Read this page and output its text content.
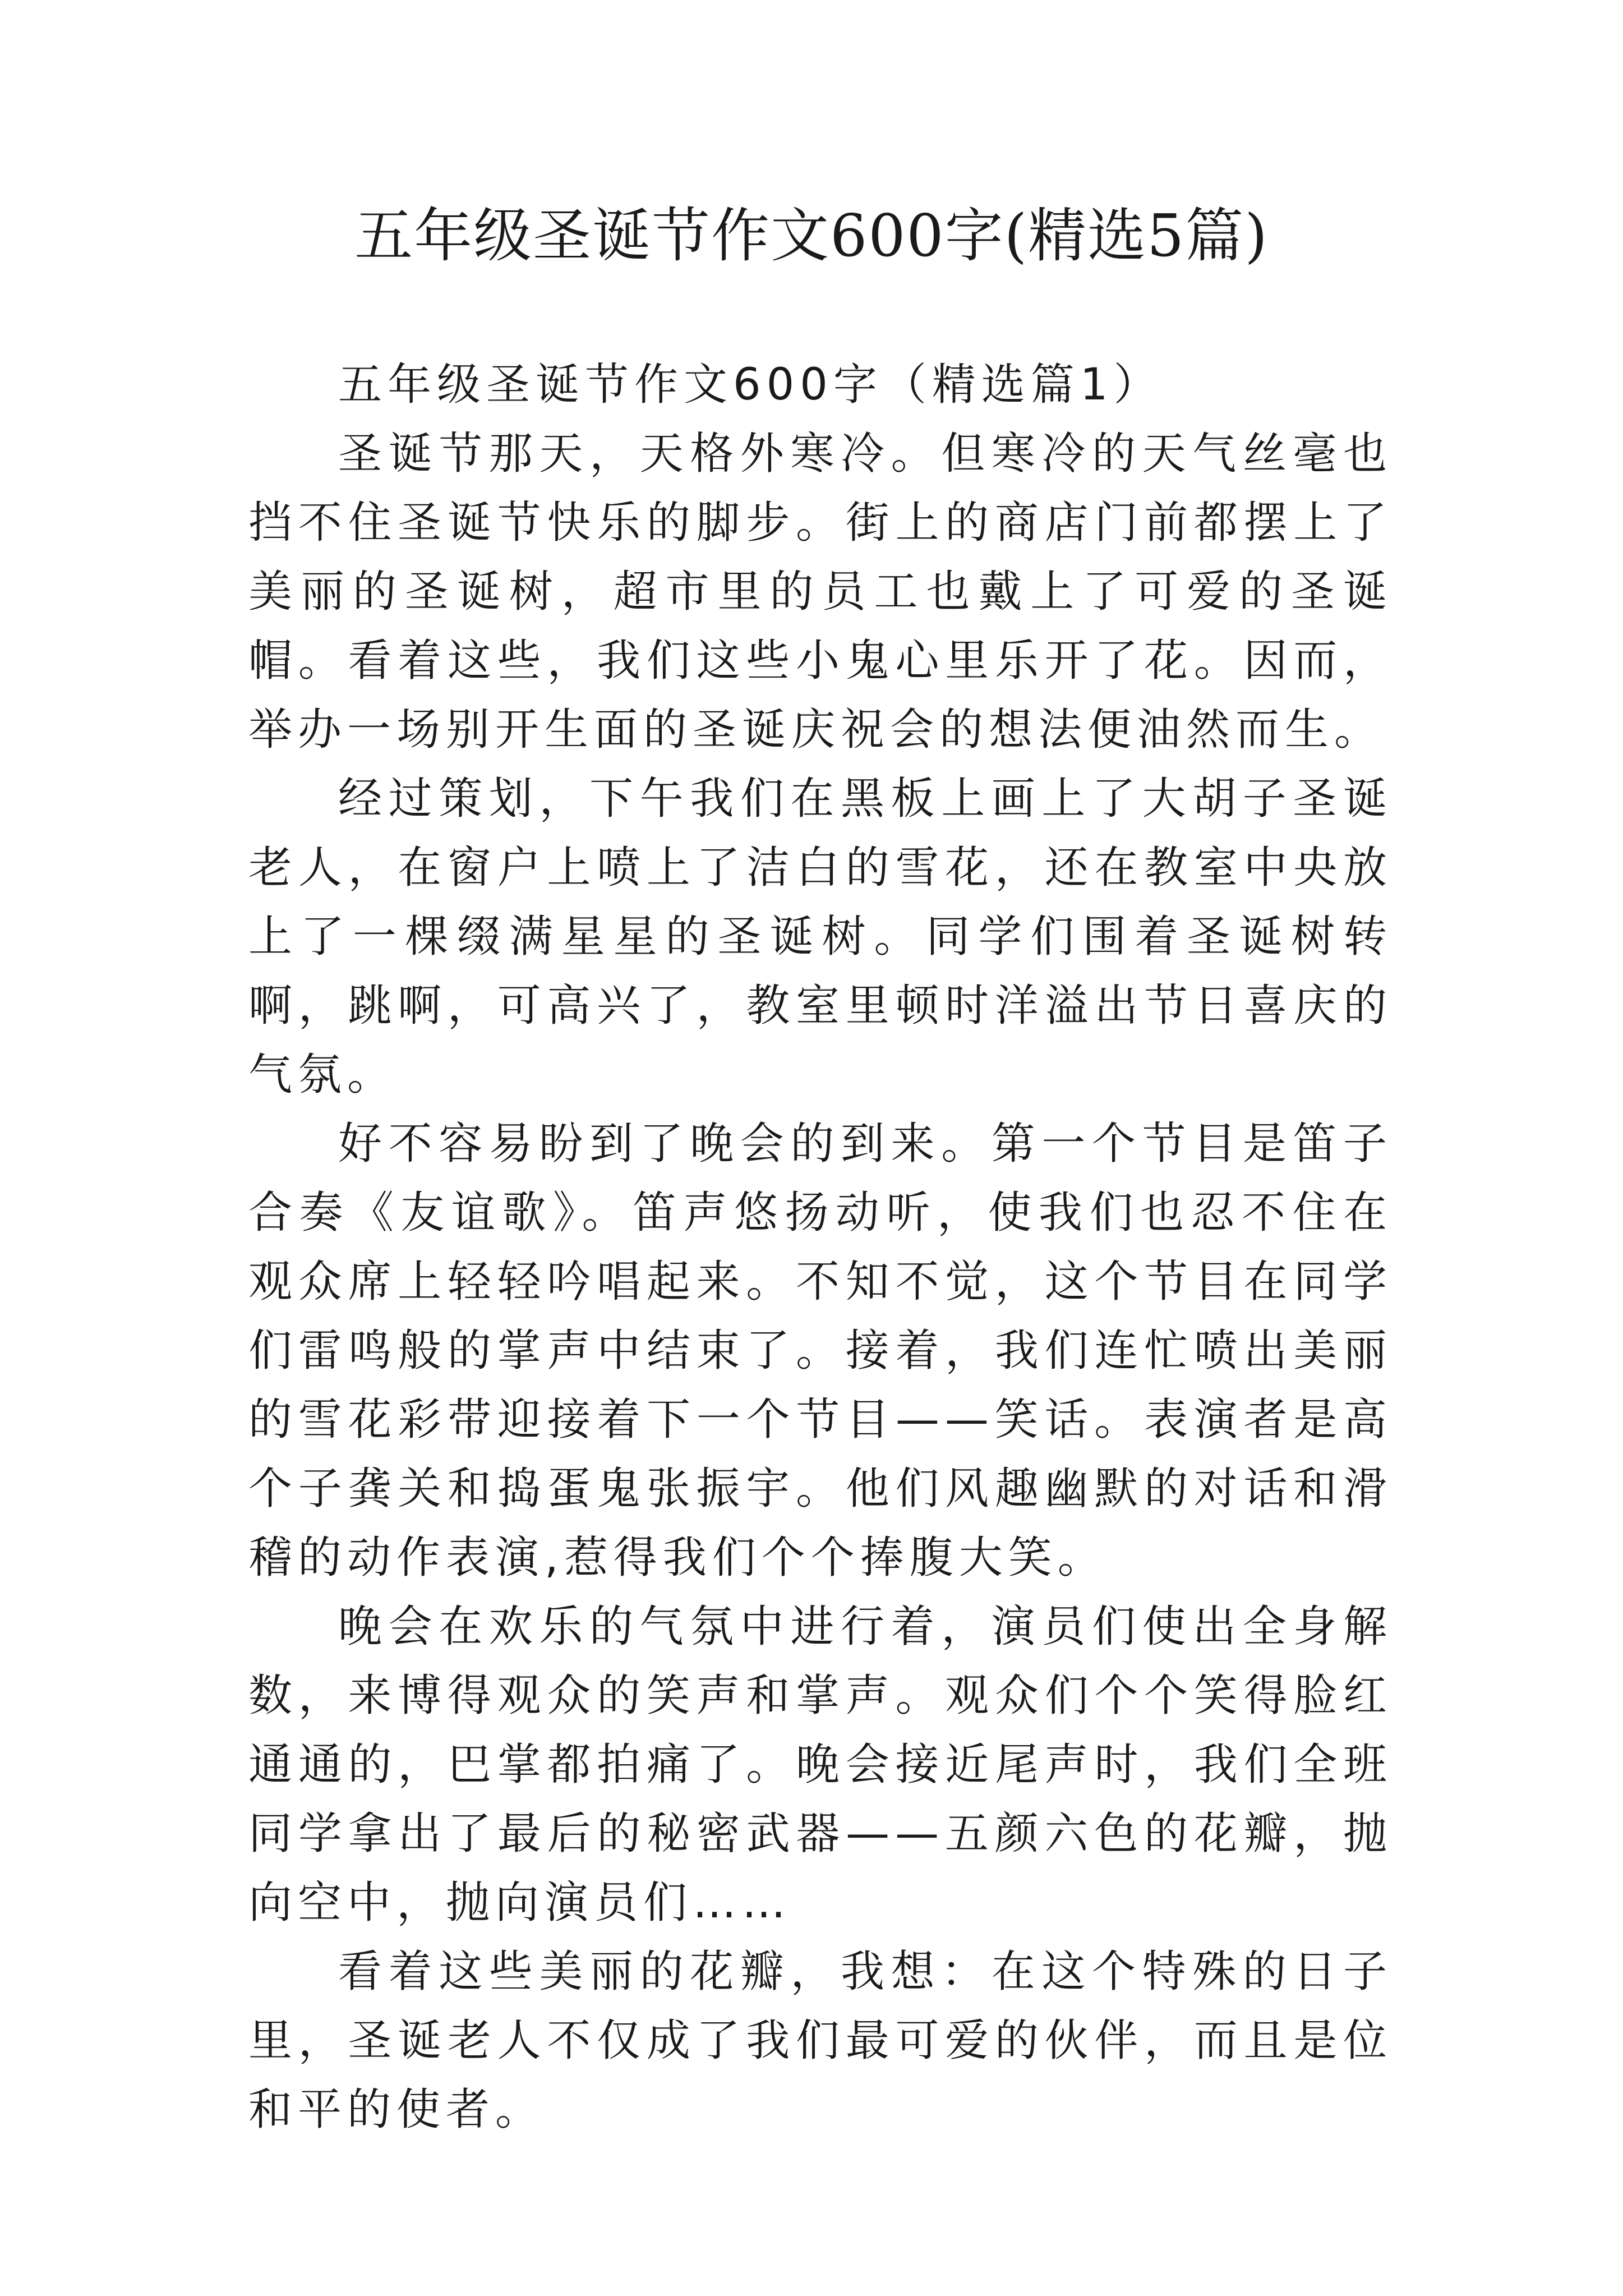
五年级圣诞节作文600字(精选5篇)

五年级圣诞节作文600字（精选篇1）

圣诞节那天，天格外寒冷。但寒冷的天气丝毫也挡不住圣诞节快乐的脚步。街上的商店门前都摆上了美丽的圣诞树，超市里的员工也戴上了可爱的圣诞帽。看着这些，我们这些小鬼心里乐开了花。因而，举办一场别开生面的圣诞庆祝会的想法便油然而生。

经过策划，下午我们在黑板上画上了大胡子圣诞老人，在窗户上喷上了洁白的雪花，还在教室中央放上了一棵缀满星星的圣诞树。同学们围着圣诞树转啊，跳啊，可高兴了，教室里顿时洋溢出节日喜庆的气氛。

好不容易盼到了晚会的到来。第一个节目是笛子合奏《友谊歌》。笛声悠扬动听，使我们也忍不住在观众席上轻轻吟唱起来。不知不觉，这个节目在同学们雷鸣般的掌声中结束了。接着，我们连忙喷出美丽的雪花彩带迎接着下一个节目——笑话。表演者是高个子龚关和捣蛋鬼张振宇。他们风趣幽默的对话和滑稽的动作表演,惹得我们个个捧腹大笑。

晚会在欢乐的气氛中进行着，演员们使出全身解数，来博得观众的笑声和掌声。观众们个个笑得脸红通通的，巴掌都拍痛了。晚会接近尾声时，我们全班同学拿出了最后的秘密武器——五颜六色的花瓣，抛向空中，抛向演员们……

看着这些美丽的花瓣，我想：在这个特殊的日子里，圣诞老人不仅成了我们最可爱的伙伴，而且是位和平的使者。
